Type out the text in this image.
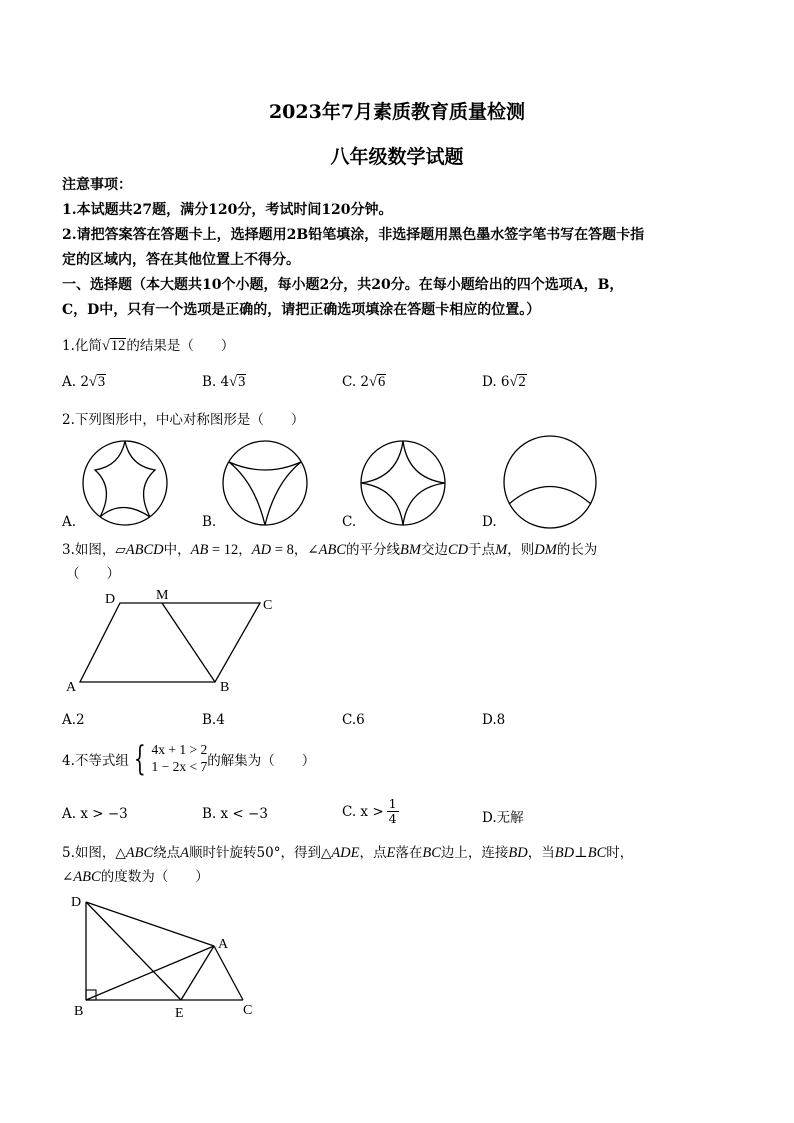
2023年7月素质教育质量检测
八年级数学试题
注意事项：
1.本试题共27题，满分120分，考试时间120分钟。
2.请把答案答在答题卡上，选择题用2B铅笔填涂，非选择题用黑色墨水签字笔书写在答题卡指
定的区域内，答在其他位置上不得分。
一、选择题（本大题共10个小题，每小题2分，共20分。在每小题给出的四个选项A，B，
C，D中，只有一个选项是正确的，请把正确选项填涂在答题卡相应的位置。）
1.化简√12的结果是（　　）
A. 2√3	B. 4√3	C. 2√6	D. 6√2
2.下列图形中，中心对称图形是（　　）
A.	B.	C.	D.
3.如图，▱ABCD中，AB = 12，AD = 8，∠ABC的平分线BM交边CD于点M，则DM的长为
（　　）
D	M
C
A	B
A.2	B.4	C.6	D.8
4.不等式组 { 4x + 1 > 2
1 − 2x < 7 的解集为（　　）
A. x > −3	B. x < −3	C. $x > \frac{1}{4}$	D.无解
5.如图，△ABC绕点A顺时针旋转50°，得到△ADE，点E落在BC边上，连接BD，当BD⊥BC时，
∠ABC的度数为（　　）
D
A
B	E	C
